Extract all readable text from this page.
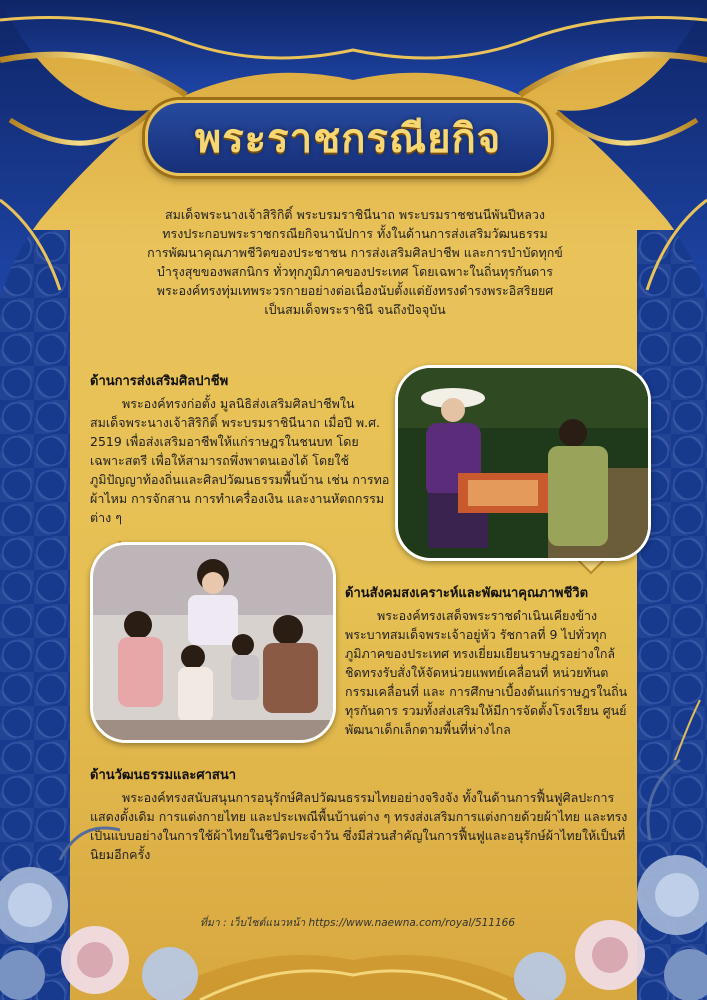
พระราชกรณียกิจ

สมเด็จพระนางเจ้าสิริกิติ์ พระบรมราชินีนาถ พระบรมราชชนนีพันปีหลวง

ทรงประกอบพระราชกรณียกิจนานัปการ ทั้งในด้านการส่งเสริมวัฒนธรรม

การพัฒนาคุณภาพชีวิตของประชาชน การส่งเสริมศิลปาชีพ และการบำบัดทุกข์

บำรุงสุขของพสกนิกร ทั่วทุกภูมิภาคของประเทศ โดยเฉพาะในถิ่นทุรกันดาร

พระองค์ทรงทุ่มเทพระวรกายอย่างต่อเนื่องนับตั้งแต่ยังทรงดำรงพระอิสริยยศ

เป็นสมเด็จพระราชินี จนถึงปัจจุบัน

ด้านการส่งเสริมศิลปาชีพ

พระองค์ทรงก่อตั้ง มูลนิธิส่งเสริมศิลปาชีพใน สมเด็จพระนางเจ้าสิริกิติ์ พระบรมราชินีนาถ เมื่อปี พ.ศ. 2519 เพื่อส่งเสริมอาชีพให้แก่ราษฎรในชนบท โดยเฉพาะสตรี เพื่อให้สามารถพึ่งพาตนเองได้ โดยใช้ภูมิปัญญาท้องถิ่นและศิลปวัฒนธรรมพื้นบ้าน เช่น การทอผ้าไหม การจักสาน การทำเครื่องเงิน และงานหัตถกรรมต่าง ๆ

ด้านสังคมสงเคราะห์และพัฒนาคุณภาพชีวิต

พระองค์ทรงเสด็จพระราชดำเนินเคียงข้างพระบาทสมเด็จพระเจ้าอยู่หัว รัชกาลที่ 9 ไปทั่วทุกภูมิภาคของประเทศ ทรงเยี่ยมเยียนราษฎรอย่างใกล้ชิดทรงรับสั่งให้จัดหน่วยแพทย์เคลื่อนที่ หน่วยทันตกรรมเคลื่อนที่ และ การศึกษาเบื้องต้นแก่ราษฎรในถิ่นทุรกันดาร รวมทั้งส่งเสริมให้มีการจัดตั้งโรงเรียน ศูนย์พัฒนาเด็กเล็กตามพื้นที่ห่างไกล

ด้านวัฒนธรรมและศาสนา

พระองค์ทรงสนับสนุนการอนุรักษ์ศิลปวัฒนธรรมไทยอย่างจริงจัง ทั้งในด้านการฟื้นฟูศิลปะการแสดงดั้งเดิม การแต่งกายไทย และประเพณีพื้นบ้านต่าง ๆ ทรงส่งเสริมการแต่งกายด้วยผ้าไทย และทรงเป็นแบบอย่างในการใช้ผ้าไทยในชีวิตประจำวัน ซึ่งมีส่วนสำคัญในการฟื้นฟูและอนุรักษ์ผ้าไทยให้เป็นที่นิยมอีกครั้ง

ที่มา : เว็บไซต์แนวหน้า https://www.naewna.com/royal/511166
